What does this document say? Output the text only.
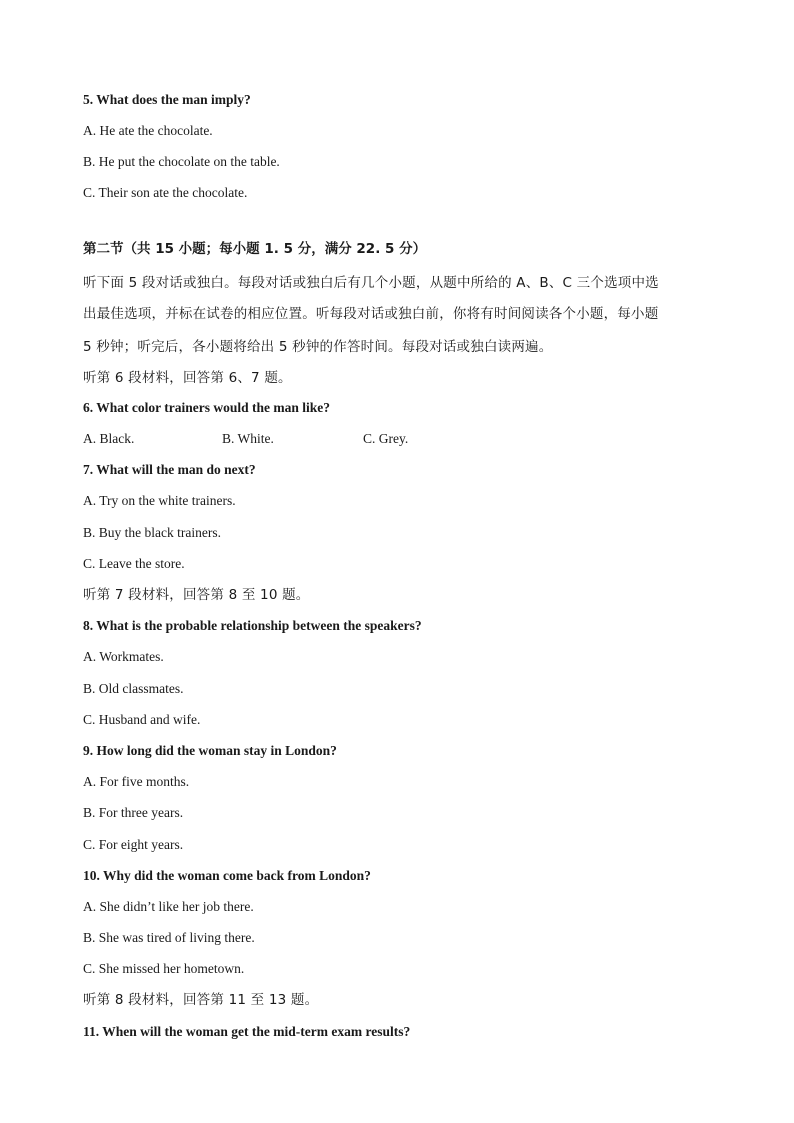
5. What does the man imply?
A. He ate the chocolate.
B. He put the chocolate on the table.
C. Their son ate the chocolate.
第二节（共 15 小题；每小题 1. 5 分，满分 22. 5 分）
听下面 5 段对话或独白。每段对话或独白后有几个小题，从题中所给的 A、B、C 三个选项中选
出最佳选项，并标在试卷的相应位置。听每段对话或独白前，你将有时间阅读各个小题，每小题
5 秒钟；听完后，各小题将给出 5 秒钟的作答时间。每段对话或独白读两遍。
听第 6 段材料，回答第 6、7 题。
6. What color trainers would the man like?
A. Black.	B. White.	C. Grey.
7. What will the man do next?
A. Try on the white trainers.
B. Buy the black trainers.
C. Leave the store.
听第 7 段材料，回答第 8 至 10 题。
8. What is the probable relationship between the speakers?
A. Workmates.
B. Old classmates.
C. Husband and wife.
9. How long did the woman stay in London?
A. For five months.
B. For three years.
C. For eight years.
10. Why did the woman come back from London?
A. She didn’t like her job there.
B. She was tired of living there.
C. She missed her hometown.
听第 8 段材料，回答第 11 至 13 题。
11. When will the woman get the mid-term exam results?
